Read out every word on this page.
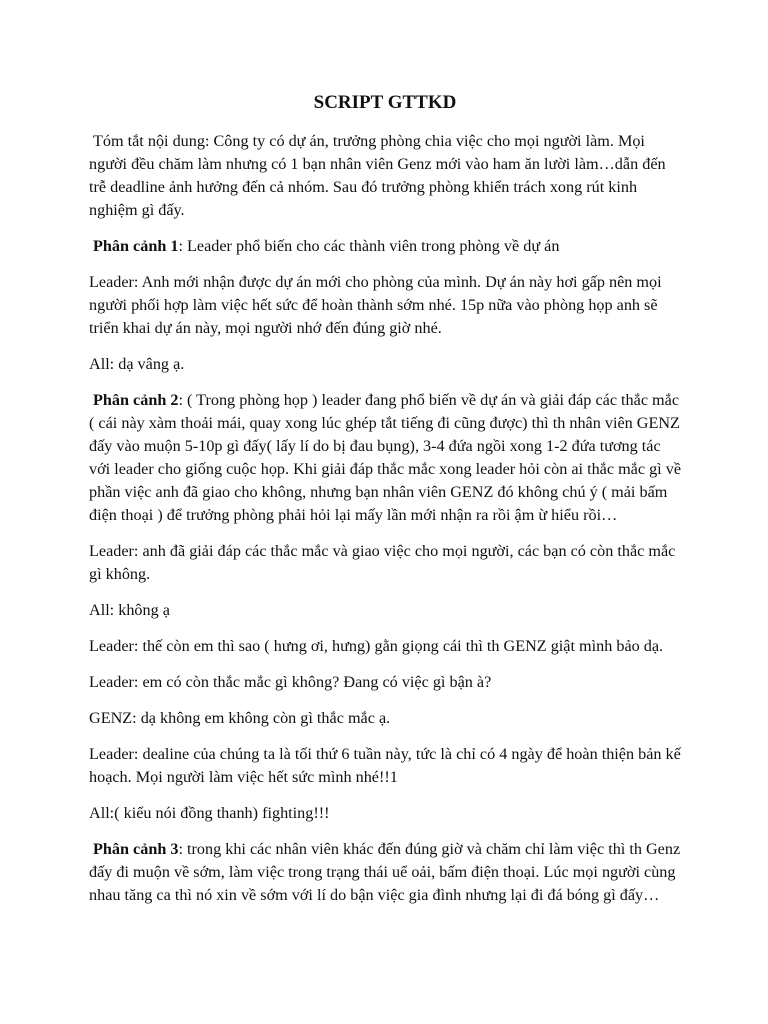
SCRIPT GTTKD

Tóm tắt nội dung: Công ty có dự án, trưởng phòng chia việc cho mọi người làm. Mọi người đều chăm làm nhưng có 1 bạn nhân viên Genz mới vào ham ăn lười làm…dẫn đến trễ deadline ảnh hưởng đến cả nhóm. Sau đó trưởng phòng khiển trách xong rút kinh nghiệm gì đấy.

Phân cảnh 1: Leader phổ biến cho các thành viên trong phòng về dự án

Leader: Anh mới nhận được dự án mới cho phòng của mình. Dự án này hơi gấp nên mọi người phối hợp làm việc hết sức để hoàn thành sớm nhé. 15p nữa vào phòng họp anh sẽ triển khai dự án này, mọi người nhớ đến đúng giờ nhé.

All: dạ vâng ạ.

Phân cảnh 2: ( Trong phòng họp ) leader đang phổ biến về dự án và giải đáp các thắc mắc ( cái này xàm thoải mái, quay xong lúc ghép tắt tiếng đi cũng được) thì th nhân viên GENZ đấy vào muộn 5-10p gì đấy( lấy lí do bị đau bụng), 3-4 đứa ngồi xong 1-2 đứa tương tác với leader cho giống cuộc họp. Khi giải đáp thắc mắc xong leader hỏi còn ai thắc mắc gì về phần việc anh đã giao cho không, nhưng bạn nhân viên GENZ đó không chú ý ( mải bấm điện thoại ) để trưởng phòng phải hỏi lại mấy lần mới nhận ra rồi ậm ừ hiểu rồi…

Leader: anh đã giải đáp các thắc mắc và giao việc cho mọi người, các bạn có còn thắc mắc gì không.

All: không ạ

Leader: thế còn em thì sao ( hưng ơi, hưng) gằn giọng cái thì th GENZ giật mình bảo dạ.

Leader: em có còn thắc mắc gì không? Đang có việc gì bận à?

GENZ: dạ không em không còn gì thắc mắc ạ.

Leader: dealine của chúng ta là tối thứ 6 tuần này, tức là chỉ có 4 ngày để hoàn thiện bản kế hoạch. Mọi người làm việc hết sức mình nhé!!1

All:( kiểu nói đồng thanh) fighting!!!

Phân cảnh 3: trong khi các nhân viên khác đến đúng giờ và chăm chỉ làm việc thì th Genz đấy đi muộn về sớm, làm việc trong trạng thái uể oải, bấm điện thoại. Lúc mọi người cùng nhau tăng ca thì nó xin về sớm với lí do bận việc gia đình nhưng lại đi đá bóng gì đấy…
